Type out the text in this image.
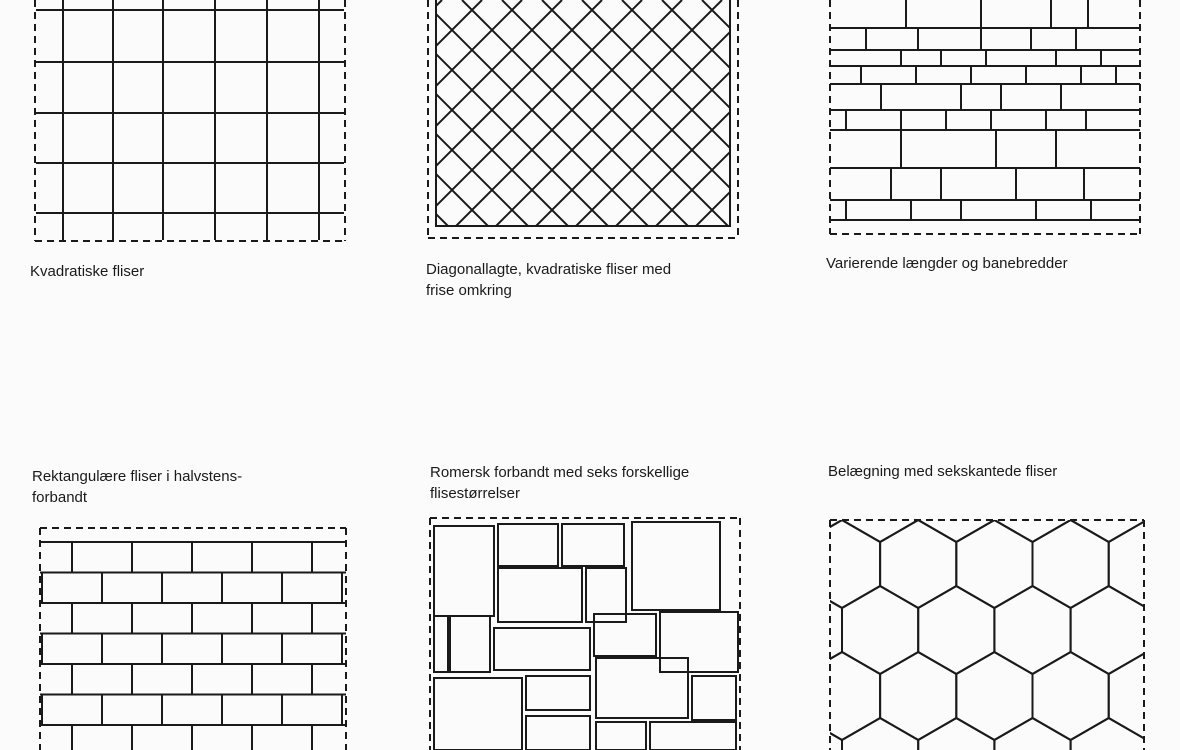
Kvadratiske fliser	Diagonallagte, kvadratiske fliser med
frise omkring
Varierende længder og banebredder
Rektangulære fliser i halvstens-
forbandt
Romersk forbandt med seks forskellige
flisestørrelser
Belægning med sekskantede fliser
